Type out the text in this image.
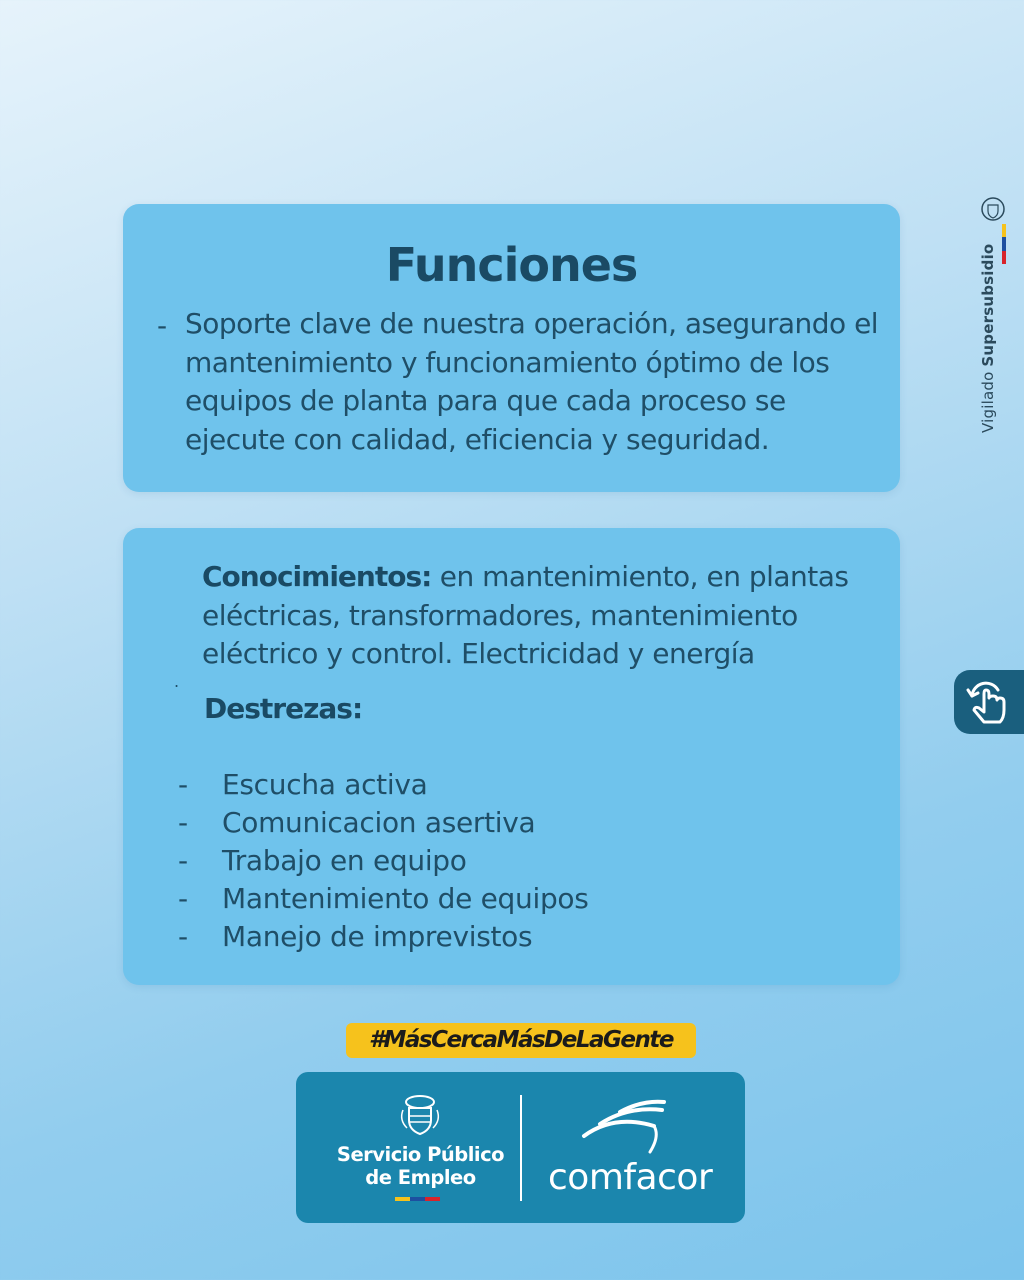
Funciones
- Soporte clave de nuestra operación, asegurando el mantenimiento y funcionamiento óptimo de los equipos de planta para que cada proceso se ejecute con calidad, eficiencia y seguridad.
Conocimientos: en mantenimiento, en plantas eléctricas, transformadores, mantenimiento eléctrico y control. Electricidad y energía
.
Destrezas:
- Escucha activa
- Comunicacion asertiva
- Trabajo en equipo
- Mantenimiento de equipos
- Manejo de imprevistos
#MásCercaMásDeLaGente
Servicio Público
de Empleo	comfacor
Vigilado Supersubsidio
